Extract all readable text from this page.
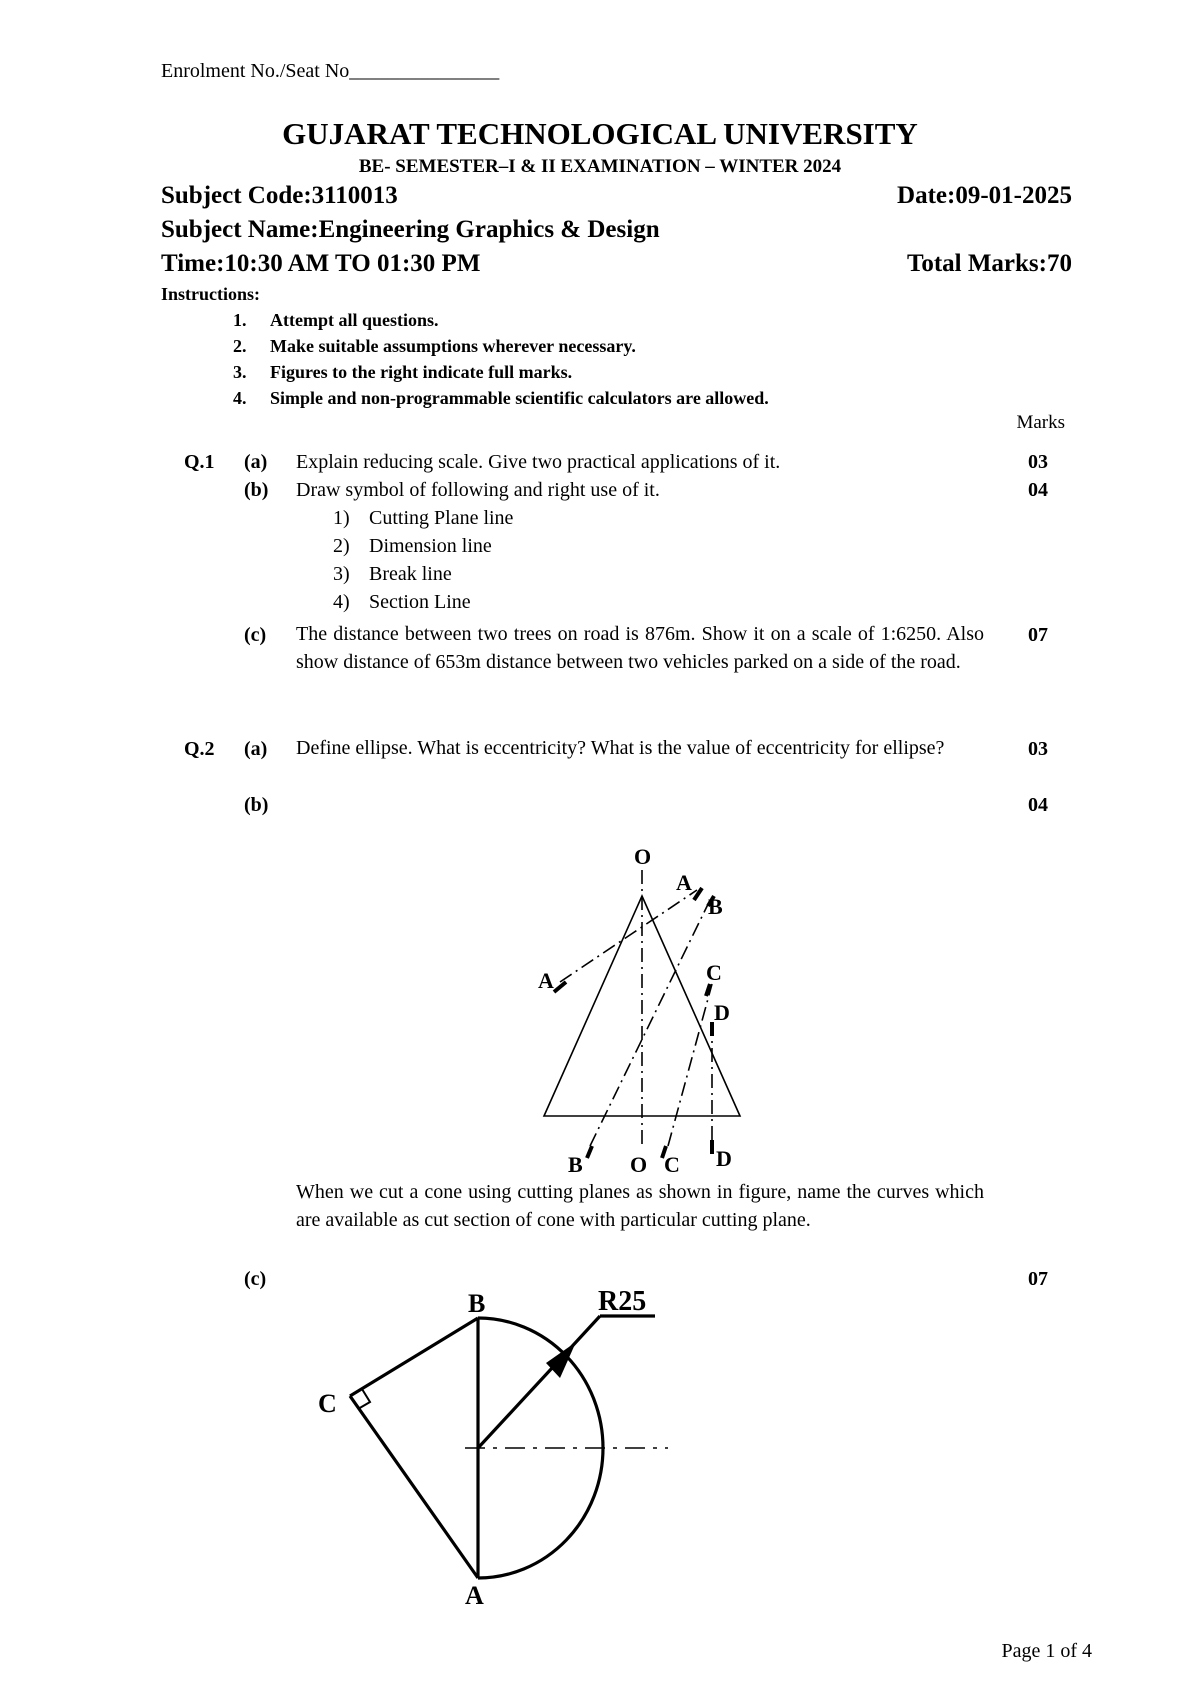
Enrolment No./Seat No_______________
GUJARAT TECHNOLOGICAL UNIVERSITY
BE- SEMESTER–I & II EXAMINATION – WINTER 2024
Subject Code:3110013	Date:09-01-2025
Subject Name:Engineering Graphics & Design
Time:10:30 AM TO 01:30 PM	Total Marks:70
Instructions:
1. Attempt all questions.
2. Make suitable assumptions wherever necessary.
3. Figures to the right indicate full marks.
4. Simple and non-programmable scientific calculators are allowed.
Marks
Q.1 (a) Explain reducing scale. Give two practical applications of it.	03
(b) Draw symbol of following and right use of it.	04
1) Cutting Plane line
2) Dimension line
3) Break line
4) Section Line
(c) The distance between two trees on road is 876m. Show it on a scale of 1:6250. Also show distance of 653m distance between two vehicles parked on a side of the road.
07
Q.2 (a) Define ellipse. What is eccentricity? What is the value of eccentricity for ellipse?	03
(b)	04
When we cut a cone using cutting planes as shown in figure, name the curves which are available as cut section of cone with particular cutting plane.
(c)	07
O
A
B
A	C
D
B O C D
B
C
A
R25
Page 1 of 4
